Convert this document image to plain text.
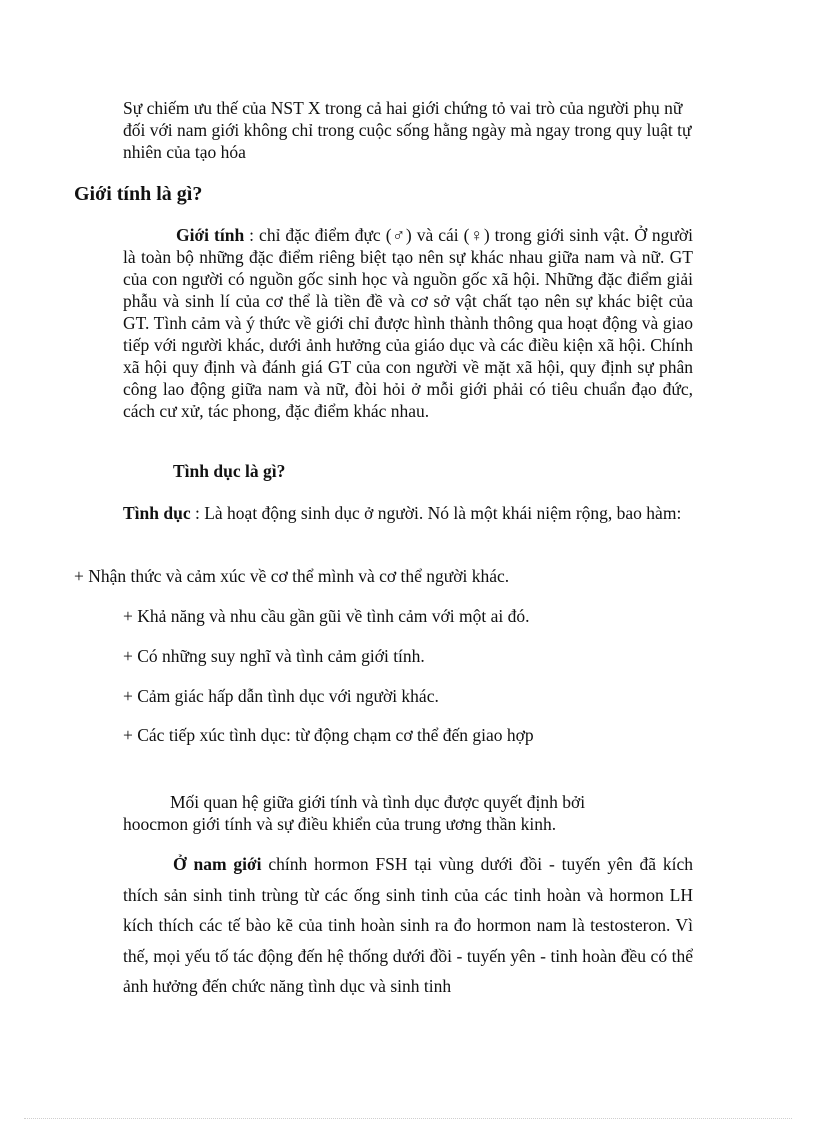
Sự chiếm ưu thế của NST X trong cả hai giới chứng tỏ vai trò của người phụ nữ đối với nam giới không chỉ trong cuộc sống hằng ngày mà ngay trong quy luật tự nhiên của tạo hóa

Giới tính là gì?

Giới tính : chỉ đặc điểm đực (♂) và cái (♀) trong giới sinh vật. Ở người là toàn bộ những đặc điểm riêng biệt tạo nên sự khác nhau giữa nam và nữ. GT của con người có nguồn gốc sinh học và nguồn gốc xã hội. Những đặc điểm giải phẫu và sinh lí của cơ thể là tiền đề và cơ sở vật chất tạo nên sự khác biệt của GT. Tình cảm và ý thức về giới chỉ được hình thành thông qua hoạt động và giao tiếp với người khác, dưới ảnh hưởng của giáo dục và các điều kiện xã hội. Chính xã hội quy định và đánh giá GT của con người về mặt xã hội, quy định sự phân công lao động giữa nam và nữ, đòi hỏi ở mỗi giới phải có tiêu chuẩn đạo đức, cách cư xử, tác phong, đặc điểm khác nhau.

Tình dục là gì?

Tình dục : Là hoạt động sinh dục ở người. Nó là một khái niệm rộng, bao hàm:

+ Nhận thức và cảm xúc về cơ thể mình và cơ thể người khác.

+ Khả năng và nhu cầu gần gũi về tình cảm với một ai đó.

+ Có những suy nghĩ và tình cảm giới tính.

+ Cảm giác hấp dẫn tình dục với người khác.

+ Các tiếp xúc tình dục: từ động chạm cơ thể đến giao hợp

Mối quan hệ giữa giới tính và tình dục được quyết định bởi hoocmon giới tính và sự điều khiển của trung ương thần kinh.

Ở nam giới chính hormon FSH tại vùng dưới đồi - tuyến yên đã kích thích sản sinh tinh trùng từ các ống sinh tinh của các tinh hoàn và hormon LH kích thích các tế bào kẽ của tinh hoàn sinh ra đo hormon nam là testosteron. Vì thế, mọi yếu tố tác động đến hệ thống dưới đồi - tuyến yên - tinh hoàn đều có thể ảnh hưởng đến chức năng tình dục và sinh tinh
